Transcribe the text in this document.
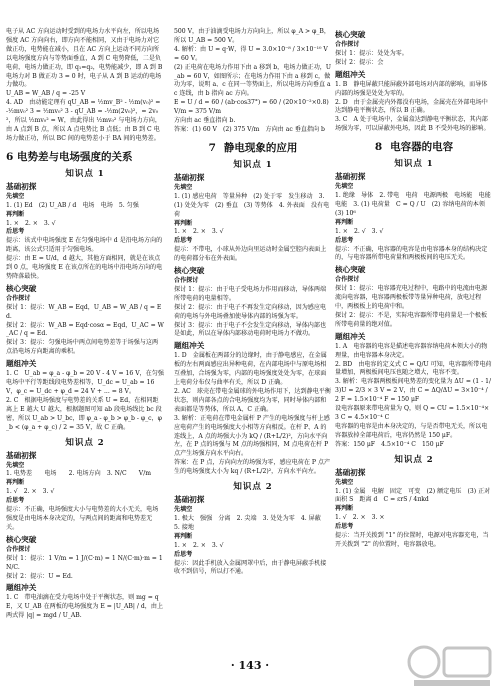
电子从 AC 方向运动时受到的电场力水平向左，所以电场强度 AC 方向向右，即方向不能相同，又由于电场力对它做正功，电势能在减小，且在 AC 方向上运动不同方向所以电场强度方向与等势面垂直，A 到 C 电势降低，二是负电荷，电场力做正功，即 q₁=q₂，电势能减少，即 A 到 B 电场力对 B 做正功 3 = 0 时，电子从 A 到 B 运动的电场力做功。
U_AB = W_AB / q = -25 V
4. AD　由动能定理有 qU_AB = ½mv_B² - ½m(v₀)² = -½mv₀² 3 = ½mv₀² 3 - qU_AB = -½m(2v₀)²，= 2v₀²，所以 ½mv₀² = W，由此得出 ½mv₀² 与电场力方向，由 A 点到 B 点，所以 A 点电势比 B 点低；由 B 到 C 电场力做正功，所以 BC 间的电势差小于 BA 间的电势差。
6 电势差与电场强度的关系
知识点 1
基础初探
先填空
1. (1) Ed　(2) U_AB / d　电场　电场　5. 匀强
再判断
1. ×　2. ×　3. √
后思考
提示：该式中电场强度 E 在匀强电场中 d 是沿电场方向的距离，该公式只适用于匀强电场。
提示：由 E = U/d，d 越大，其他方面相同，就是在该点到 0 点，电场强度 E 在该点所在的电场中沿电场方向的电势降落最快。
核心突破
合作探讨
探讨 1：提示：W_AB = Eqd，U_AB = W_AB / q = Ed.
探讨 2：提示：W_AB = Eqd·cosα = Eqd，U_AC = W_AC / q = Ed.
探讨 3：提示：匀强电场中两点间电势差等于场强与这两点沿电场方向距离的乘积。
题组冲关
1. C　U_ab = φ_a - φ_b = 20 V - 4 V = 16 V，在匀强电场中平行等距线段电势差相等，U_dc = U_ab = 16 V，φ_c = U_dc + φ_d = 24 V + ... = 8 V。
2. C　根据电场强度与电势差的关系 U = Ed，在相同距离上 E 越大 U 越大，根据题图可知 ab 段电场线比 bc 段密，所以 U_ab > U_bc，即 φ_a - φ_b > φ_b - φ_c，φ_b < (φ_a + φ_c) / 2 = 35 V，故 C 正确。
知识点 2
基础初探
先填空
1. 电势差　　电场　　2. 电场方向　3. N/C　　V/m
再判断
1. √　2. ×　3. √
后思考
提示：不正确，电场强度大小与电势差的大小无关，电场强度是由电场本身决定的，与两点间的距离和电势差无关。
核心突破
合作探讨
探讨 1：提示：1 V/m = 1 J/(C·m) = 1 N/(C·m)·m = 1 N/C.
探讨 2：提示：U = Ed.
题组冲关
1. C　带电油滴在受力电场中处于平衡状态，则 mg = qE，又 U_AB 在两板的电场强度为 E = |U_AB| / d，由上两式得 |q| = mgd / U_AB.
500 V，由于油滴受电场力方向向上，所以 φ_A > φ_B，所以 U_AB = 500 V。
4. 解析：由 U = q·W，得 U = 3.0×10⁻⁸ / 3×10⁻¹⁰ V = 60 V。
(2) 正电荷在电场力作用下由 a 移到 b，电场力做正功，U_ab = 60 V，如图所示；在电场力作用下由 a 移到 c，做功为零，说明 a、c 在同一等势面上，所以电场方向垂直 ac 连线，由 b 指向 ac 方向。
E = U / d = 60 / (ab·cos37°) = 60 / (20×10⁻²×0.8) V/m = 375 V/m
方向由 ac 垂直指向 b.
答案：(1) 60 V　(2) 375 V/m　方向由 ac 垂直指向 b
7 静电现象的应用
知识点 1
基础初探
先填空
1. (1) 感应电荷　等量异种　(2) 处于零　发生移动　3. (1) 处处为零　(2) 垂直　(3) 等势体　4. 外表面　没有电荷
再判断
1. ×　2. ×　3. √
后思考
提示：不带电，小球从外边向里运动时金属空腔内表面上的电荷都分布在外表面。
核心突破
合作探讨
探讨 1：提示：由于电子受电场力作用而移动，导体两端所带电荷的电量相等。
探讨 2：提示：由于电子不再发生定向移动，因为感应电荷的电场与外电场叠加使导体内部的场强为零。
探讨 3：提示：由于电子不会发生定向移动，导体内部也是如此，所以在导体内部移动电荷时电场力不做功。
题组冲关
1. D　金属板在两部分的边缘时，由于静电感应，在金属板的左右两面感应出异种电荷，在内部电场中与原电场相互叠加，合场强为零，内部的电场强度处处为零，在球面上电荷分布仅与曲率有关，所以 D 正确。
2. AC　球壳在带电金属球的外电场作用下，达到静电平衡状态，则内部各点的合电场强度均为零，同时导体内部和表面都是等势体，所以 A、C 正确。
3. 解析：正电荷在带电金属杆 P 产生的电场强度与杆上感应电荷产生的电场强度大小相等方向相反。在杆 P、A 的连线上，A 点的场强大小为 kQ / (R+L/2)²，方向水平向左，在 P 点的场强与 M 点的场强相同，M 点电荷在杆 P 点产生场强方向水平向右。
答案：在 P 点，方向向左的场强为零，感应电荷在 P 点产生的电场强度大小为 kq / (R+L/2)²，方向水平向左。
知识点 2
基础初探
先填空
1. 极大　强强　分离　2. 尖端　3. 处处为零　4. 屏蔽　5. 接地
再判断
1. ×　2. ×　3. √
后思考
提示：因此手机放入金属网罩中后，由于静电屏蔽手机接收不到信号，所以打不通。
核心突破
合作探讨
探讨 1：提示：处处为零。
探讨 2：提示：会
题组冲关
1. B　静电屏蔽只能屏蔽外部电场对内部的影响，而导体内部的场强是处处为零的。
2. D　由于金属壳内外都没有电场，金属壳在外部电场中达到静电平衡状态，所以 B 正确。
3. C　A 处于电场中，金属盒达到静电平衡状态，其内部场强为零，可以屏蔽外电场，因此 B 不受外电场的影响。
8 电容器的电容
知识点 1
基础初探
先填空
1. 绝缘　导体　2. 带电　电荷　电源两极　电场能　电能　电能　3. (1) 电荷量　C = Q / U　(2) 容纳电荷的本领　(3) 10⁶
再判断
1. ×　2. √　3. √
后思考
提示：不正确，电容器的电容是由电容器本身的结构决定的，与电容器所带电荷量和两极板间的电压无关。
核心突破
合作探讨
探讨 1：提示：电容器充电过程中，电路中的电流由电源流向电容器，电容器两极板带等量异种电荷，放电过程中，两极板上的电荷中和。
探讨 2：提示：不是，实际电容器所带电荷量是一个极板所带电荷量的绝对值。
题组冲关
1. A　电容器的电容是描述电容器容纳电荷本领大小的物理量，由电容器本身决定。
2. BD　由电容的定义式 C = Q/U 可知，电容器所带电荷量增加，两极板间电压也随之增大，电容不变。
3. 解析：电容器两极板间电势差的变化量为 ΔU = (1 - 1/3)U = 2/3 × 3 V = 2 V，由 C = ΔQ/ΔU = 3×10⁻⁴ / 2 F = 1.5×10⁻⁴ F = 150 μF
设电容器原来带电荷量为 Q，则 Q = CU = 1.5×10⁻⁴×3 C = 4.5×10⁻⁴ C
电容器的电容是由本身决定的，与是否带电无关，所以电容器放掉全部电荷后，电容仍然是 150 μF。
答案：150 μF　4.5×10⁻⁴ C　150 μF
知识点 2
基础初探
先填空
1. (1) 金属　电解　固定　可变　(2) 额定电压　(3) 正对面积 S　距离 d　C = εrS / 4πkd
再判断
1. √　2. ×　3. ×
后思考
提示：当开关拨到 "1" 的位置时，电源对电容器充电，当开关拨到 "2" 的位置时，电容器放电。
· 143 ·
